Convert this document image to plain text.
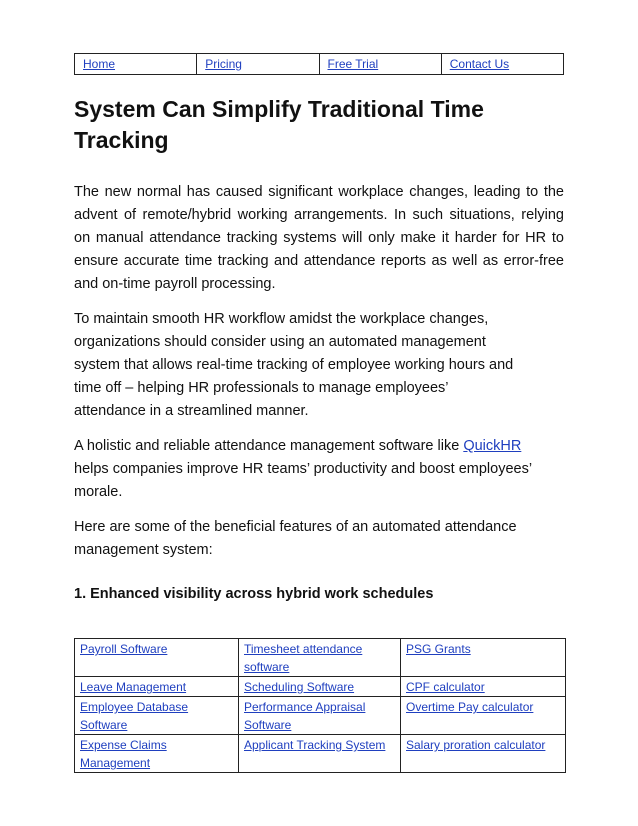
Home	Pricing	Free Trial	Contact Us
System Can Simplify Traditional Time Tracking

The new normal has caused significant workplace changes, leading to the advent of remote/hybrid working arrangements. In such situations, relying on manual attendance tracking systems will only make it harder for HR to ensure accurate time tracking and attendance reports as well as error-free and on-time payroll processing.

To maintain smooth HR workflow amidst the workplace changes, organizations should consider using an automated management system that allows real-time tracking of employee working hours and time off – helping HR professionals to manage employees’ attendance in a streamlined manner.

A holistic and reliable attendance management software like QuickHR helps companies improve HR teams’ productivity and boost employees’ morale.

Here are some of the beneficial features of an automated attendance management system:

1. Enhanced visibility across hybrid work schedules
Payroll Software	Timesheet attendance software	PSG Grants
Leave Management	Scheduling Software	CPF calculator
Employee Database Software	Performance Appraisal Software	Overtime Pay calculator
Expense Claims Management	Applicant Tracking System	Salary proration calculator
